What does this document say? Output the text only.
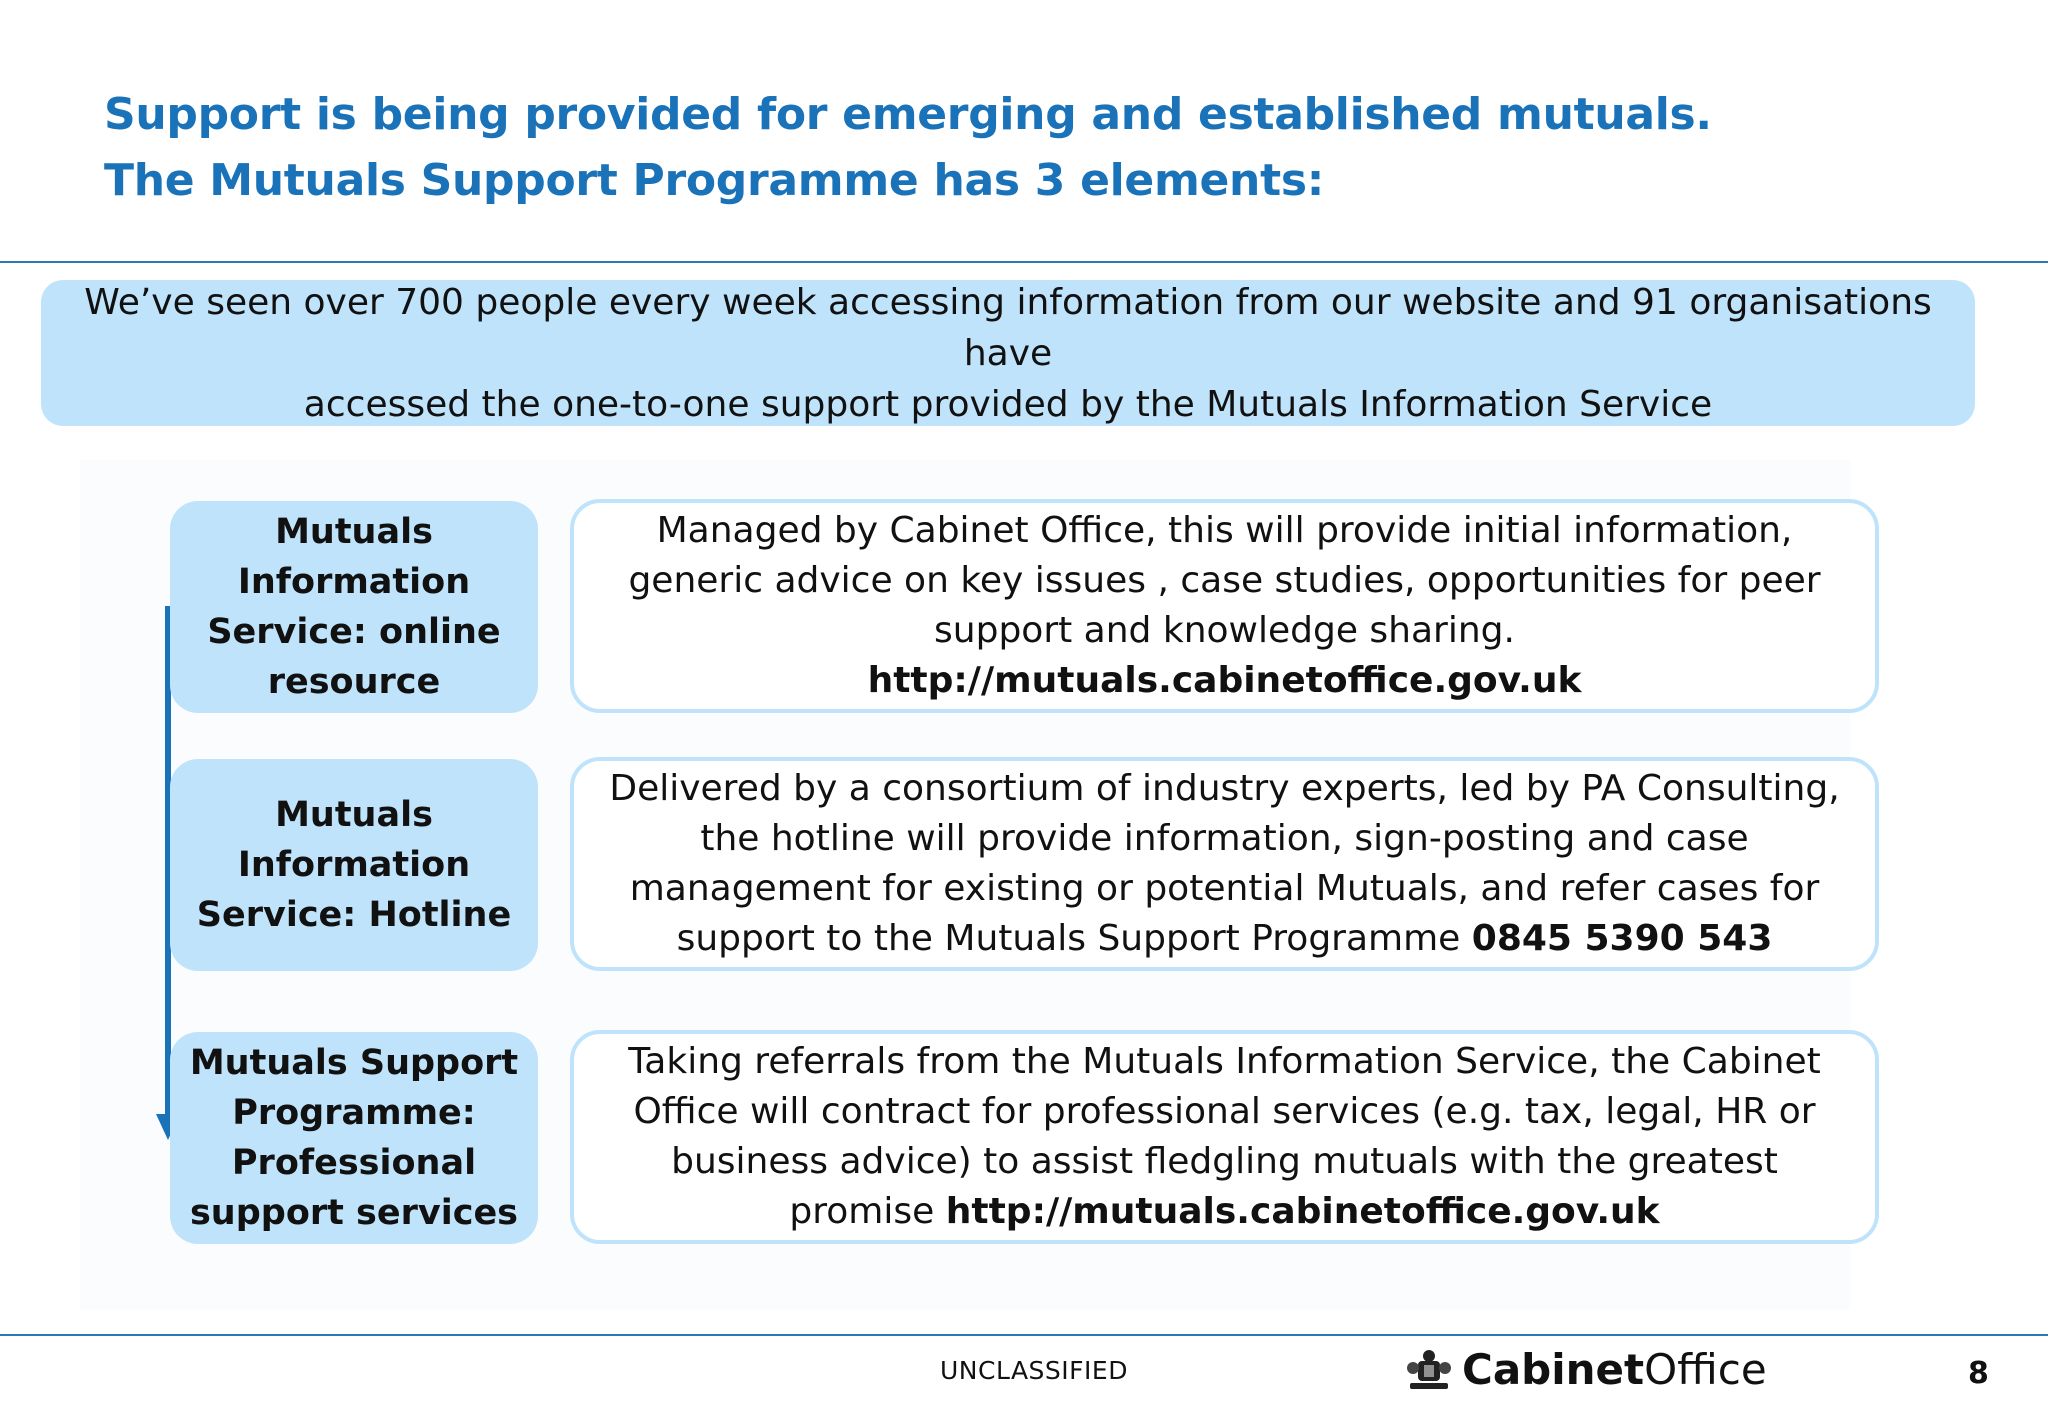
Support is being provided for emerging and established mutuals.
The Mutuals Support Programme has 3 elements:
We’ve seen over 700 people every week accessing information from our website and 91 organisations have
accessed the one-to-one support provided by the Mutuals Information Service
Mutuals Information Service: online resource
Managed by Cabinet Office, this will provide initial information, generic advice on key issues , case studies, opportunities for peer support and knowledge sharing. http://mutuals.cabinetoffice.gov.uk
Mutuals Information Service: Hotline
Delivered by a consortium of industry experts, led by PA Consulting, the hotline will provide information, sign-posting and case management for existing or potential Mutuals, and refer cases for support to the Mutuals Support Programme 0845 5390 543
Mutuals Support Programme: Professional support services
Taking referrals from the Mutuals Information Service, the Cabinet Office will contract for professional services (e.g. tax, legal, HR or business advice) to assist fledgling mutuals with the greatest promise http://mutuals.cabinetoffice.gov.uk
UNCLASSIFIED	Cabinet Office	8
